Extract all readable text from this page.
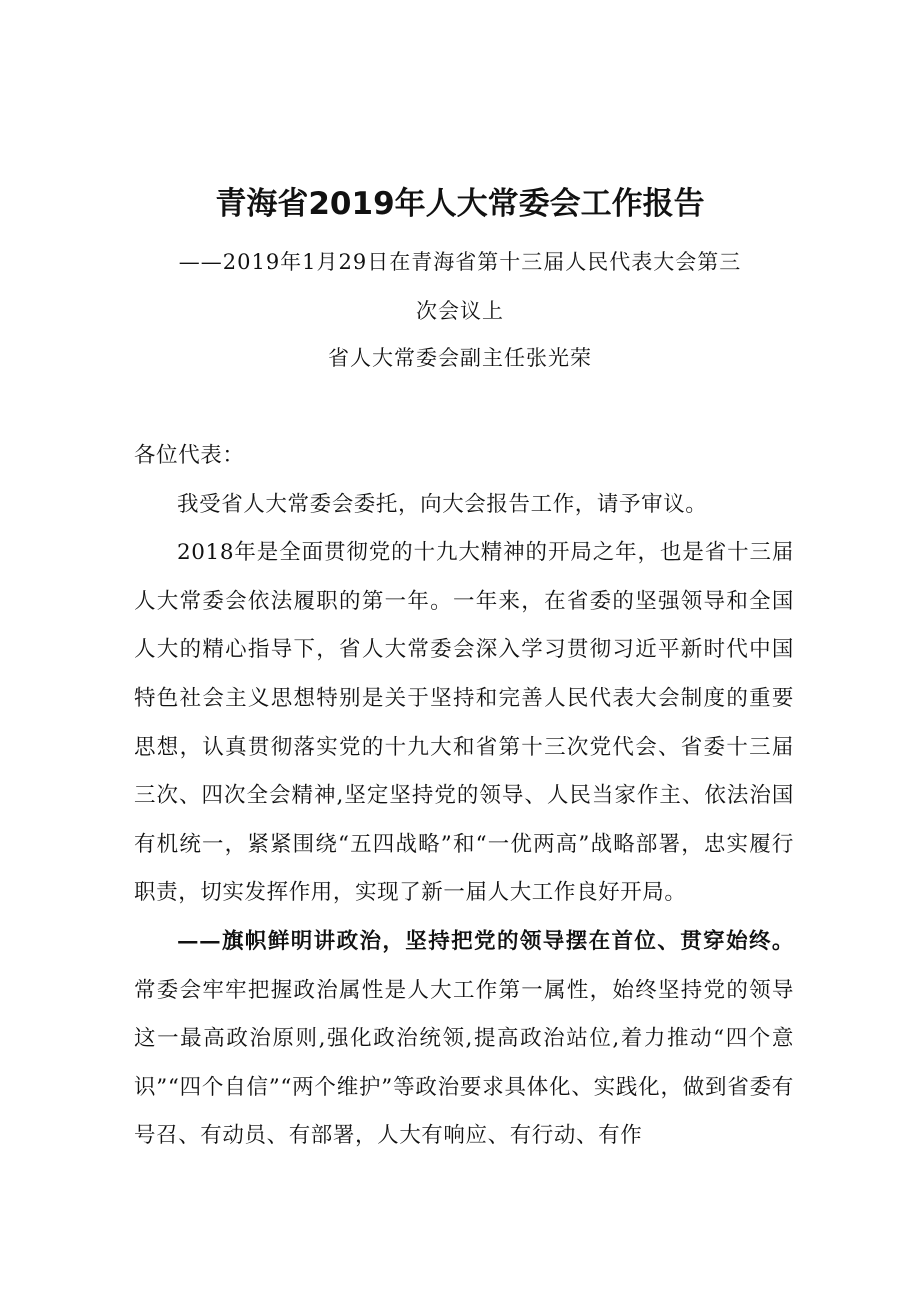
青海省2019年人大常委会工作报告
——2019年1月29日在青海省第十三届人民代表大会第三
次会议上
省人大常委会副主任张光荣

各位代表：

我受省人大常委会委托，向大会报告工作，请予审议。

2018年是全面贯彻党的十九大精神的开局之年，也是省十三届人大常委会依法履职的第一年。一年来，在省委的坚强领导和全国人大的精心指导下，省人大常委会深入学习贯彻习近平新时代中国特色社会主义思想特别是关于坚持和完善人民代表大会制度的重要思想，认真贯彻落实党的十九大和省第十三次党代会、省委十三届三次、四次全会精神,坚定坚持党的领导、人民当家作主、依法治国有机统一，紧紧围绕“五四战略”和“一优两高”战略部署，忠实履行职责，切实发挥作用，实现了新一届人大工作良好开局。

——旗帜鲜明讲政治，坚持把党的领导摆在首位、贯穿始终。常委会牢牢把握政治属性是人大工作第一属性，始终坚持党的领导这一最高政治原则,强化政治统领,提高政治站位,着力推动“四个意识”“四个自信”“两个维护”等政治要求具体化、实践化，做到省委有号召、有动员、有部署，人大有响应、有行动、有作
